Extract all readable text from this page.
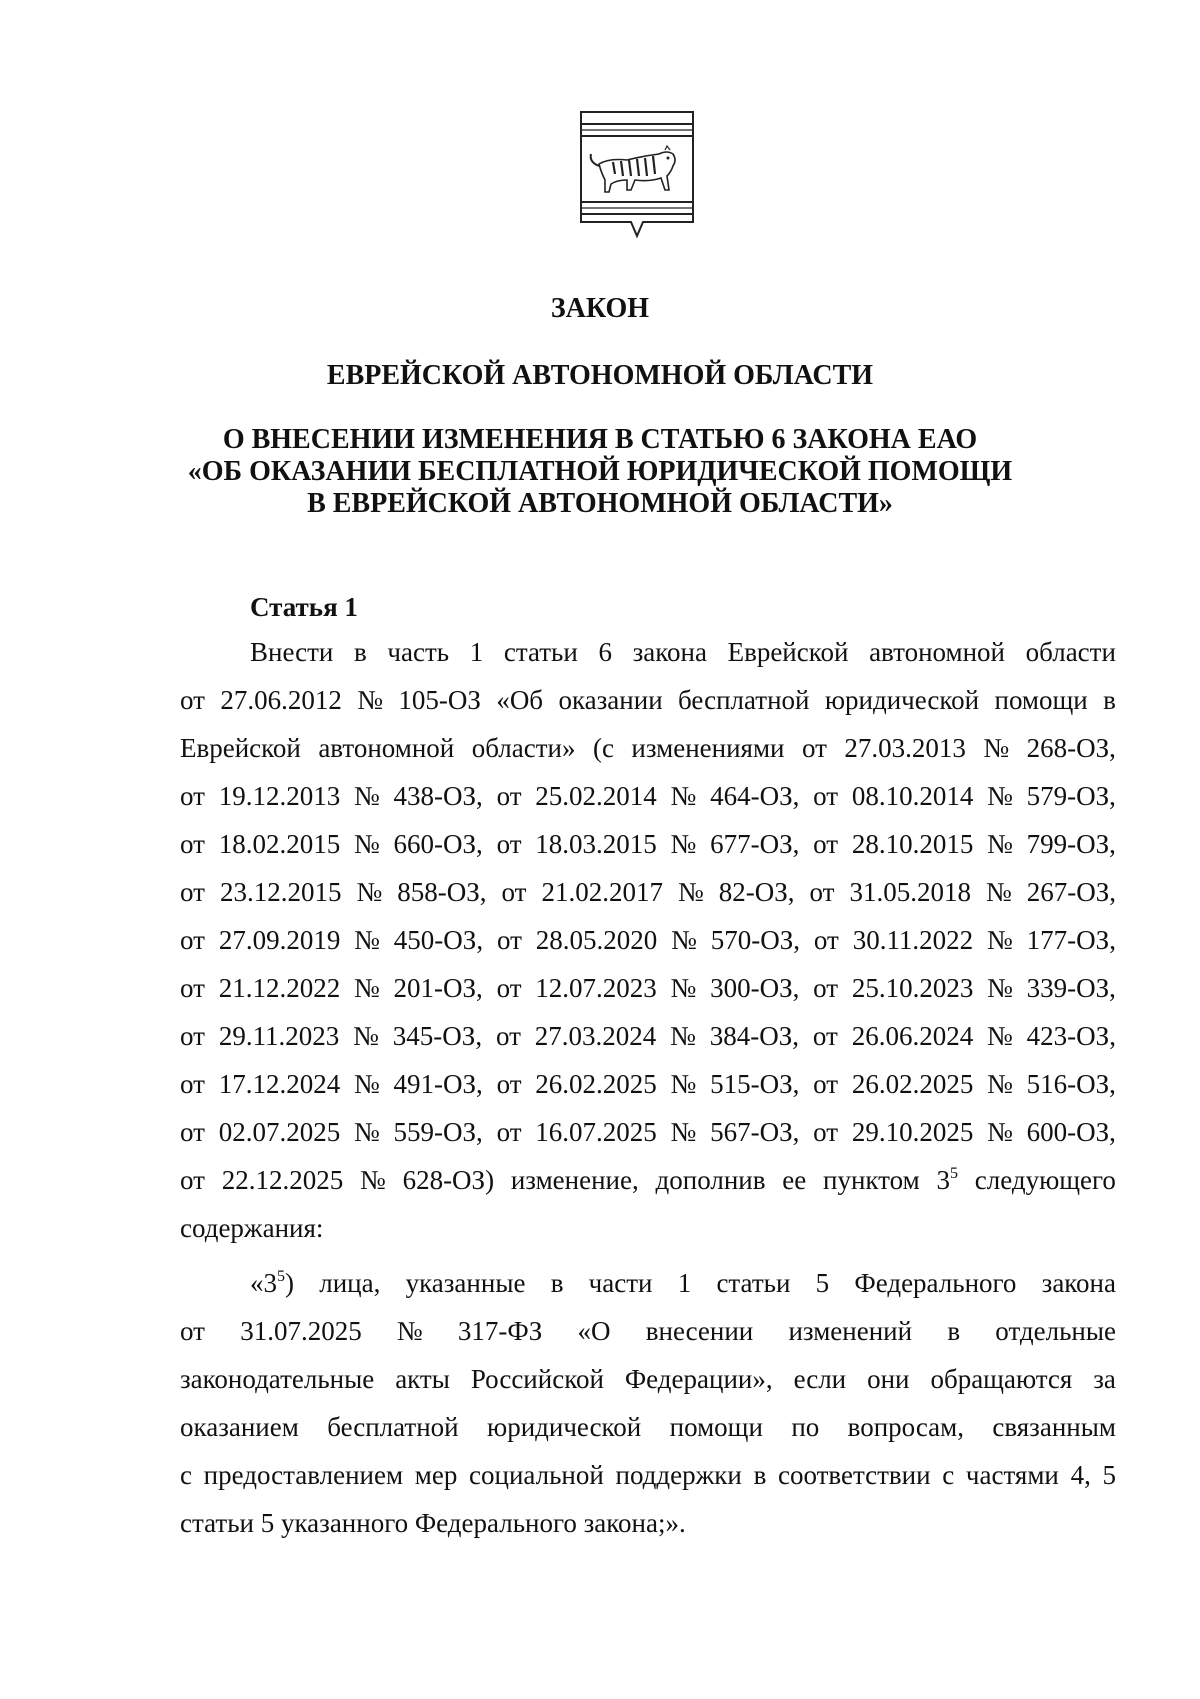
ЗАКОН
ЕВРЕЙСКОЙ АВТОНОМНОЙ ОБЛАСТИ
О ВНЕСЕНИИ ИЗМЕНЕНИЯ В СТАТЬЮ 6 ЗАКОНА ЕАО
«ОБ ОКАЗАНИИ БЕСПЛАТНОЙ ЮРИДИЧЕСКОЙ ПОМОЩИ
В ЕВРЕЙСКОЙ АВТОНОМНОЙ ОБЛАСТИ»
Статья 1
Внести в часть 1 статьи 6 закона Еврейской автономной области
от 27.06.2012 № 105-ОЗ «Об оказании бесплатной юридической помощи в
Еврейской автономной области» (с изменениями от 27.03.2013 № 268-ОЗ,
от 19.12.2013 № 438-ОЗ, от 25.02.2014 № 464-ОЗ, от 08.10.2014 № 579-ОЗ,
от 18.02.2015 № 660-ОЗ, от 18.03.2015 № 677-ОЗ, от 28.10.2015 № 799-ОЗ,
от 23.12.2015 № 858-ОЗ, от 21.02.2017 № 82-ОЗ, от 31.05.2018 № 267-ОЗ,
от 27.09.2019 № 450-ОЗ, от 28.05.2020 № 570-ОЗ, от 30.11.2022 № 177-ОЗ,
от 21.12.2022 № 201-ОЗ, от 12.07.2023 № 300-ОЗ, от 25.10.2023 № 339-ОЗ,
от 29.11.2023 № 345-ОЗ, от 27.03.2024 № 384-ОЗ, от 26.06.2024 № 423-ОЗ,
от 17.12.2024 № 491-ОЗ, от 26.02.2025 № 515-ОЗ, от 26.02.2025 № 516-ОЗ,
от 02.07.2025 № 559-ОЗ, от 16.07.2025 № 567-ОЗ, от 29.10.2025 № 600-ОЗ,
от 22.12.2025 № 628-ОЗ) изменение, дополнив ее пунктом $3^5$ следующего
содержания:
«$3^5$) лица, указанные в части 1 статьи 5 Федерального закона
от 31.07.2025 № 317-ФЗ «О внесении изменений в отдельные
законодательные акты Российской Федерации», если они обращаются за
оказанием бесплатной юридической помощи по вопросам, связанным
с предоставлением мер социальной поддержки в соответствии с частями 4, 5
статьи 5 указанного Федерального закона;».
